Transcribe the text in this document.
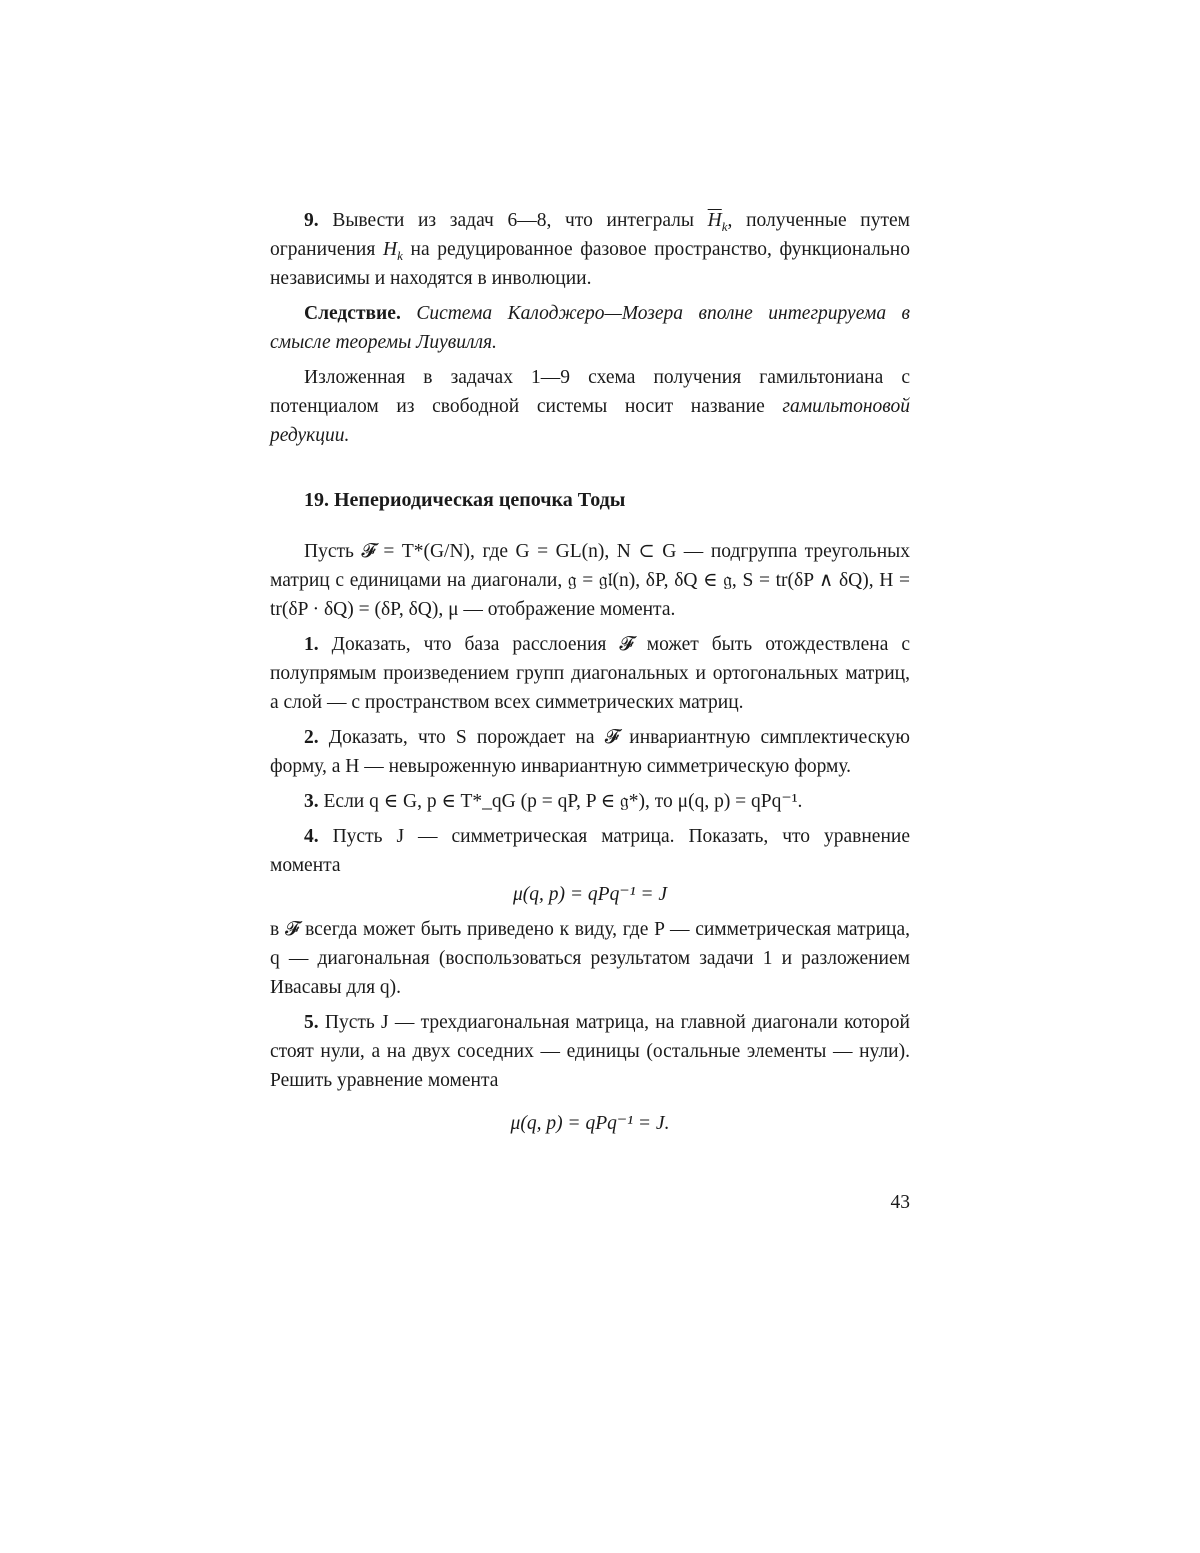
9. Вывести из задач 6—8, что интегралы $\overline{H}_k$, полученные путем ограничения $H_k$ на редуцированное фазовое пространство, функционально независимы и находятся в инволюции.

Следствие. Система Калоджеро—Мозера вполне интегрируема в смысле теоремы Лиувилля.

Изложенная в задачах 1—9 схема получения гамильтониана с потенциалом из свободной системы носит название гамильтоновой редукции.

19. Непериодическая цепочка Тоды

Пусть 𝓕 = T*(G/N), где G = GL(n), N ⊂ G — подгруппа треугольных матриц с единицами на диагонали, 𝔤 = 𝔤𝔩(n), δP, δQ ∈ 𝔤, S = tr(δP ∧ δQ), H = tr(δP · δQ) = (δP, δQ), μ — отображение момента.

1. Доказать, что база расслоения 𝓕 может быть отождествлена с полупрямым произведением групп диагональных и ортогональных матриц, а слой — с пространством всех симметрических матриц.

2. Доказать, что S порождает на 𝓕 инвариантную симплектическую форму, а H — невыроженную инвариантную симметрическую форму.

3. Если q ∈ G, p ∈ T*_qG (p = qP, P ∈ 𝔤*), то μ(q, p) = qPq⁻¹.

4. Пусть J — симметрическая матрица. Показать, что уравнение момента

μ(q, p) = qPq⁻¹ = J

в 𝓕 всегда может быть приведено к виду, где P — симметрическая матрица, q — диагональная (воспользоваться результатом задачи 1 и разложением Ивасавы для q).

5. Пусть J — трехдиагональная матрица, на главной диагонали которой стоят нули, а на двух соседних — единицы (остальные элементы — нули). Решить уравнение момента

μ(q, p) = qPq⁻¹ = J.
43
